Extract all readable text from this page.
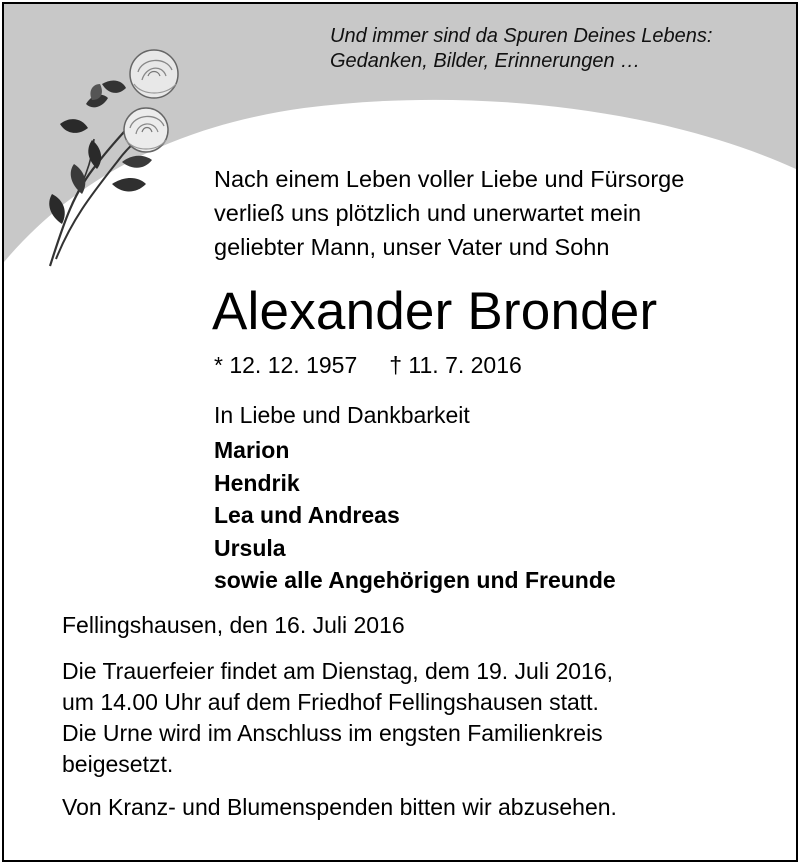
Und immer sind da Spuren Deines Lebens:
Gedanken, Bilder, Erinnerungen …
Nach einem Leben voller Liebe und Fürsorge
verließ uns plötzlich und unerwartet mein
geliebter Mann, unser Vater und Sohn
Alexander Bronder
* 12. 12. 1957 † 11. 7. 2016
In Liebe und Dankbarkeit
Marion
Hendrik
Lea und Andreas
Ursula
sowie alle Angehörigen und Freunde
Fellingshausen, den 16. Juli 2016
Die Trauerfeier findet am Dienstag, dem 19. Juli 2016,
um 14.00 Uhr auf dem Friedhof Fellingshausen statt.
Die Urne wird im Anschluss im engsten Familienkreis
beigesetzt.
Von Kranz- und Blumenspenden bitten wir abzusehen.
